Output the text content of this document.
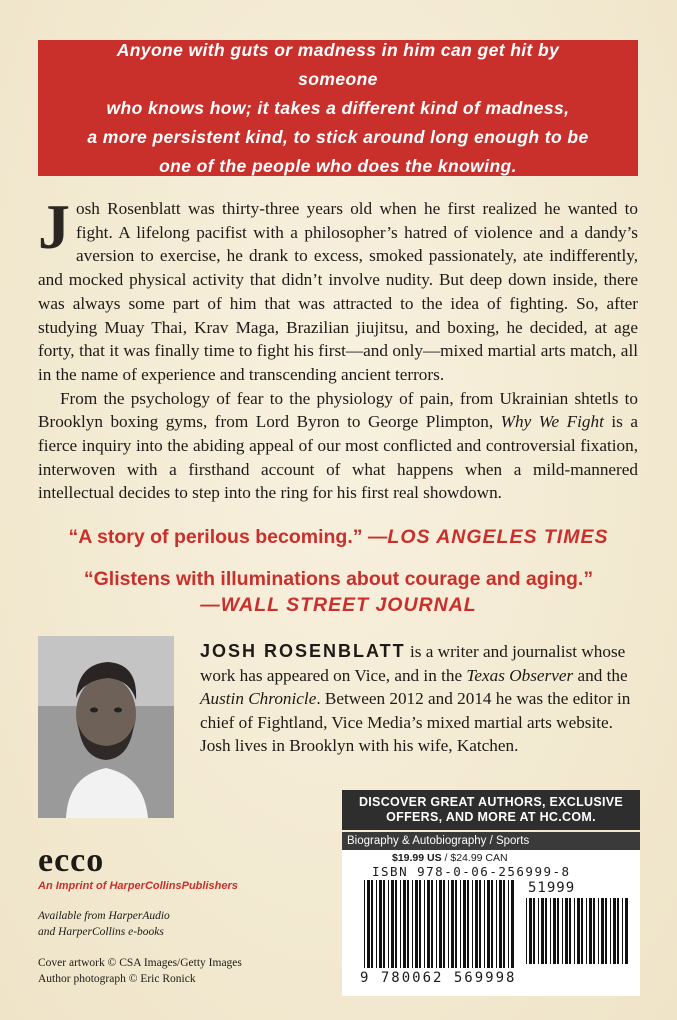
Anyone with guts or madness in him can get hit by someone
who knows how; it takes a different kind of madness,
a more persistent kind, to stick around long enough to be
one of the people who does the knowing.

Josh Rosenblatt was thirty-three years old when he first realized he wanted to fight. A lifelong pacifist with a philosopher’s hatred of violence and a dandy’s aversion to exercise, he drank to excess, smoked passionately, ate indifferently, and mocked physical activity that didn’t involve nudity. But deep down inside, there was always some part of him that was attracted to the idea of fighting. So, after studying Muay Thai, Krav Maga, Brazilian jiujitsu, and boxing, he decided, at age forty, that it was finally time to fight his first—and only—mixed martial arts match, all in the name of experience and transcending ancient terrors.

From the psychology of fear to the physiology of pain, from Ukrainian shtetls to Brooklyn boxing gyms, from Lord Byron to George Plimpton, Why We Fight is a fierce inquiry into the abiding appeal of our most conflicted and controversial fixation, interwoven with a firsthand account of what happens when a mild-mannered intellectual decides to step into the ring for his first real showdown.

“A story of perilous becoming.” —LOS ANGELES TIMES
“Glistens with illuminations about courage and aging.”
—WALL STREET JOURNAL
JOSH ROSENBLATT is a writer and journalist whose work has appeared on Vice, and in the Texas Observer and the Austin Chronicle. Between 2012 and 2014 he was the editor in chief of Fightland, Vice Media’s mixed martial arts website. Josh lives in Brooklyn with his wife, Katchen.
DISCOVER GREAT AUTHORS, EXCLUSIVE
OFFERS, AND MORE AT HC.COM.
Biography & Autobiography / Sports
$19.99 US / $24.99 CAN
ISBN 978-0-06-256999-8
51999
9 780062 569998
ecco
An Imprint of HarperCollinsPublishers
Available from HarperAudio
and HarperCollins e-books
Cover artwork © CSA Images/Getty Images
Author photograph © Eric Ronick
